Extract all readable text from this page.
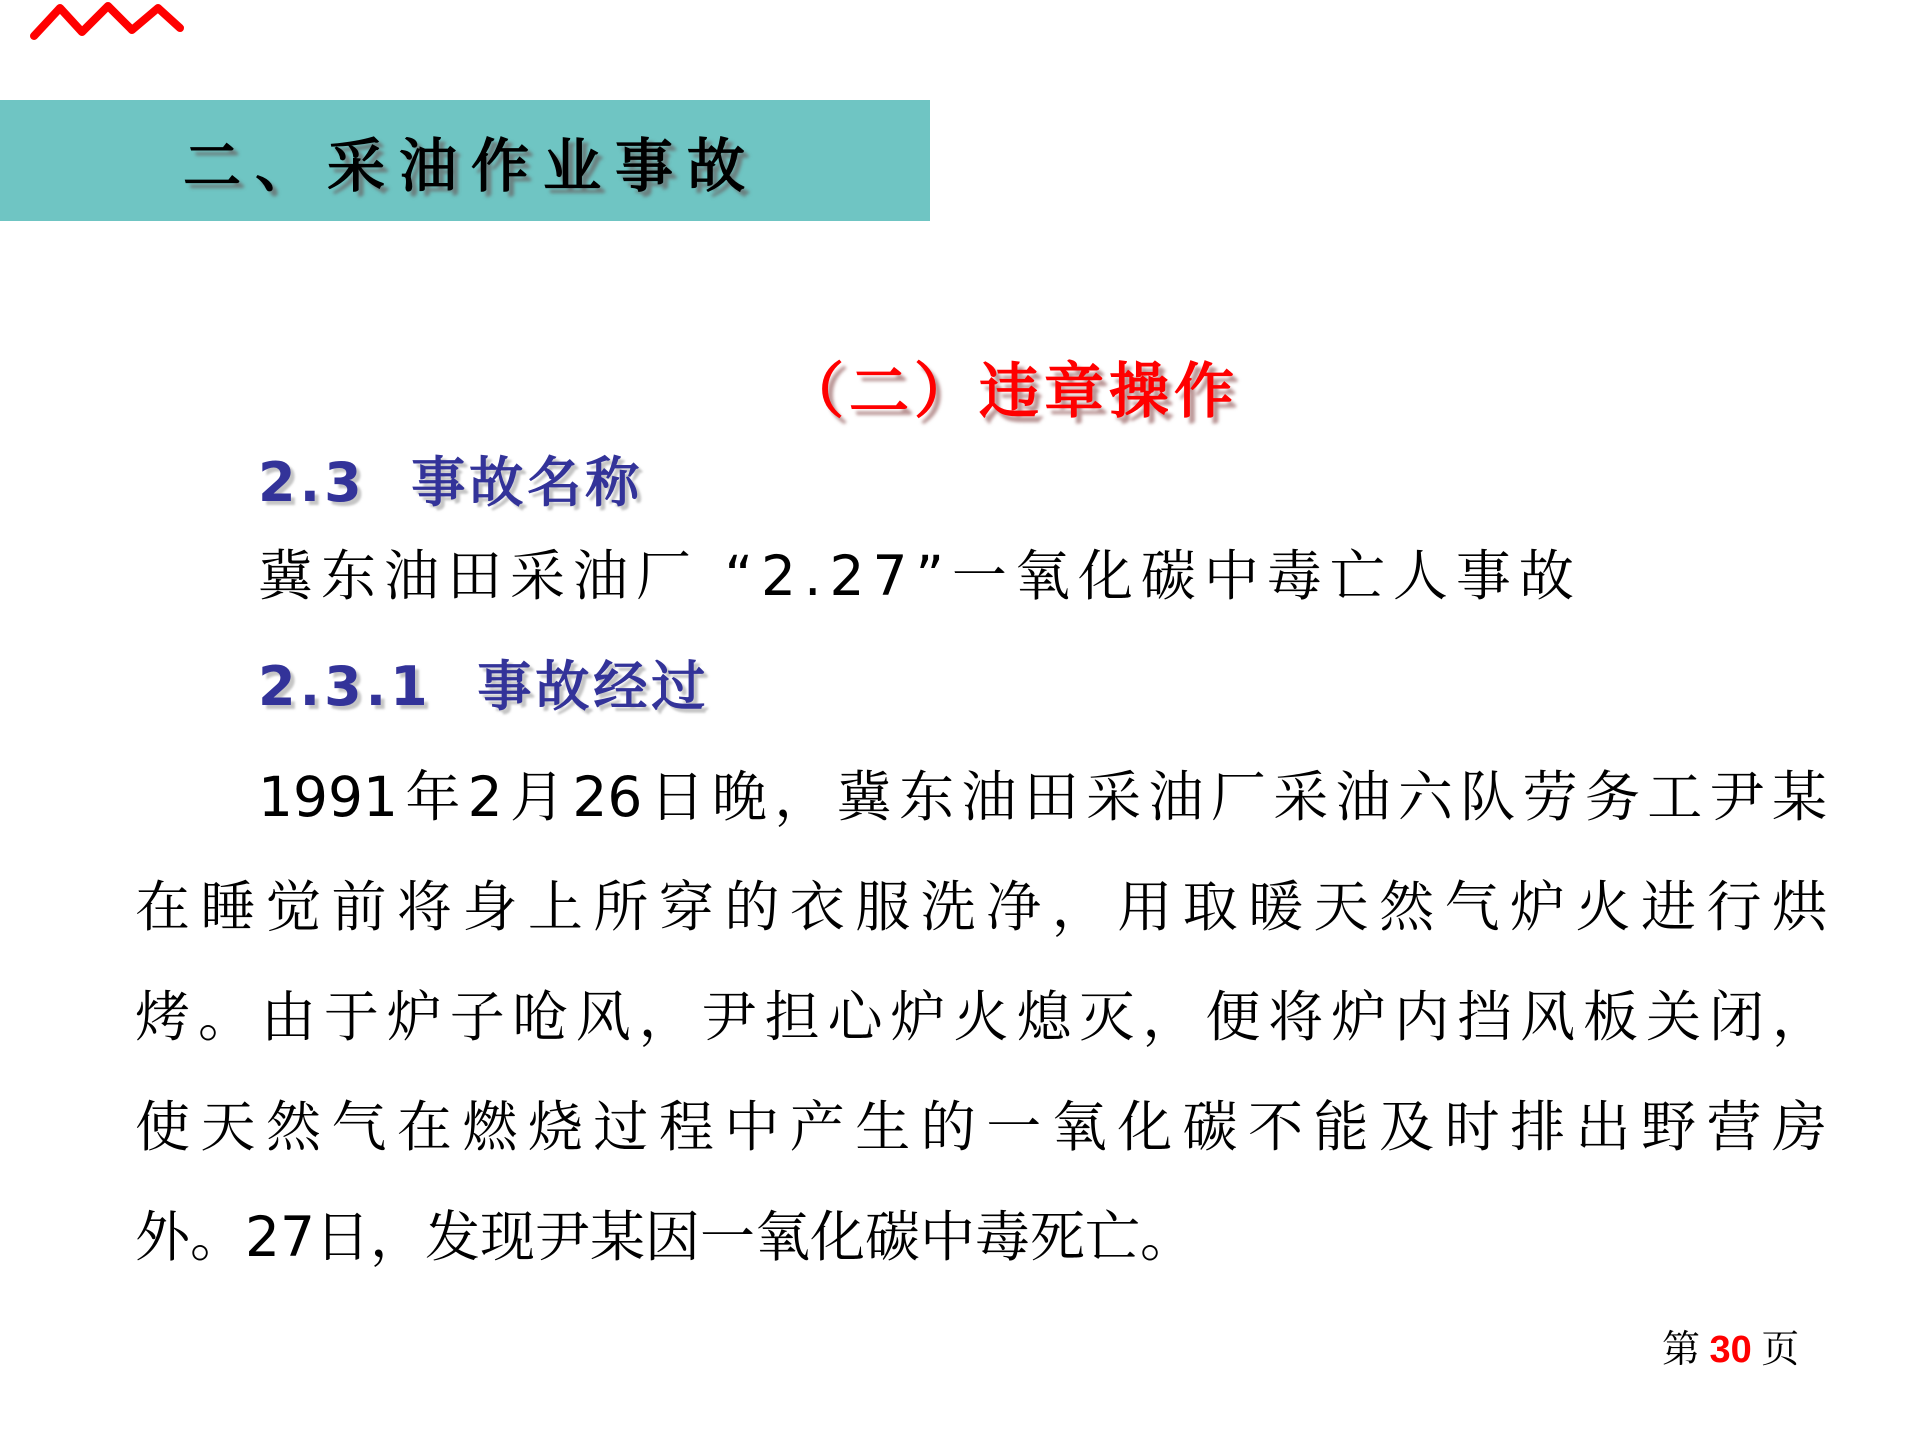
二、采油作业事故
（二）违章操作
2.3  事故名称
冀东油田采油厂 “2.27”一氧化碳中毒亡人事故
2.3.1  事故经过
1991年2月26日晚，冀东油田采油厂采油六队劳务工尹某
在睡觉前将身上所穿的衣服洗净，用取暖天然气炉火进行烘
烤。由于炉子呛风，尹担心炉火熄灭，便将炉内挡风板关闭，
使天然气在燃烧过程中产生的一氧化碳不能及时排出野营房
外。27日，发现尹某因一氧化碳中毒死亡。
第 30 页
